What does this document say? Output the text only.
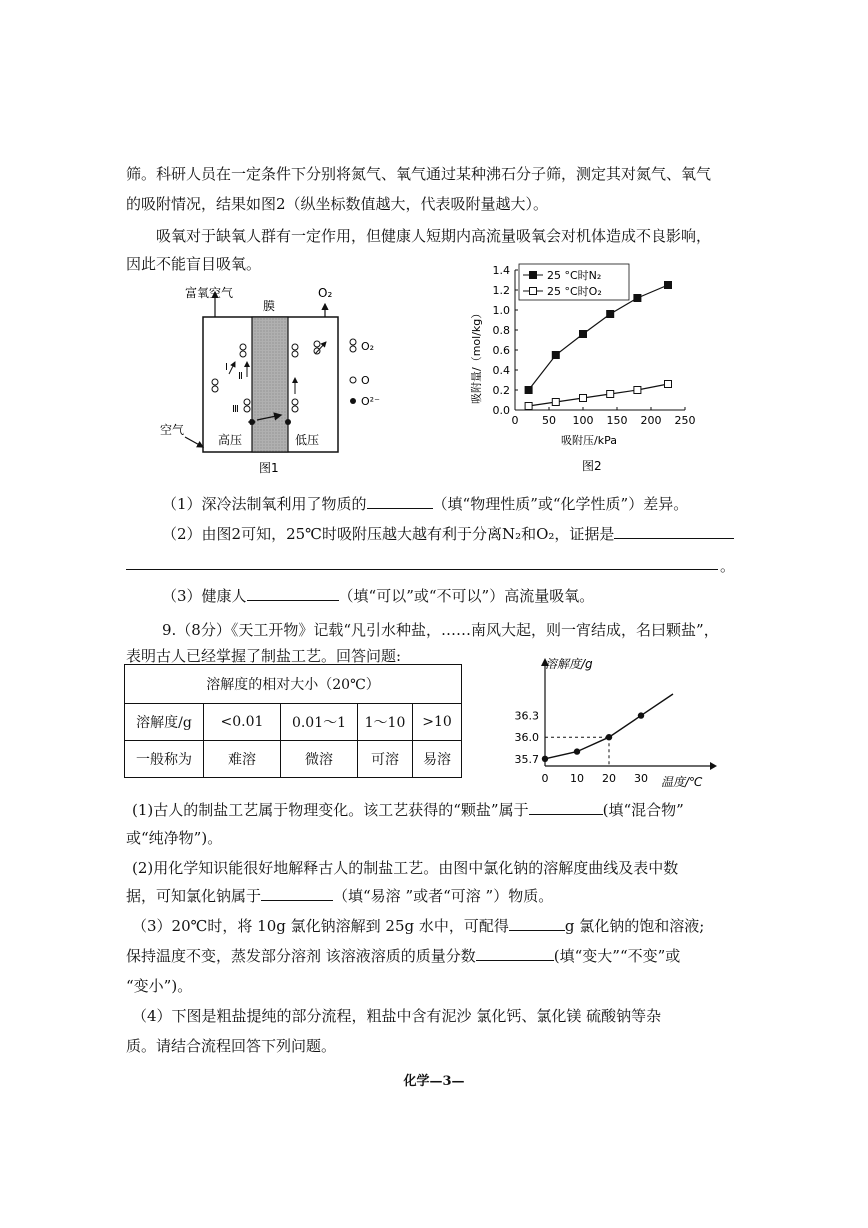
筛。科研人员在一定条件下分别将氮气、氧气通过某种沸石分子筛，测定其对氮气、氧气
的吸附情况，结果如图2（纵坐标数值越大，代表吸附量越大）。
吸氧对于缺氧人群有一定作用，但健康人短期内高流量吸氧会对机体造成不良影响，
因此不能盲目吸氧。
富氧空气
膜
O₂
空气
高压	低压
Ⅰ
Ⅱ
Ⅲ
O₂
O
O²⁻
图1
0 50 100 150 200 250
0.0
0.2
0.4
0.6
0.8
1.0
1.2
1.4	25 °C时N₂
25 °C时O₂
吸附量/（mol/kg）
吸附压/kPa
图2
（1）深冷法制氧利用了物质的	（填“物理性质”或“化学性质”）差异。
（2）由图2可知，25℃时吸附压越大越有利于分离N₂和O₂，证据是
。
（3）健康人	（填“可以”或“不可以”）高流量吸氧。
9.（8分）《天工开物》记载“凡引水种盐，……南风大起，则一宵结成，名曰颗盐”，
表明古人已经掌握了制盐工艺。回答问题:
溶解度的相对大小（20℃）				
溶解度/g	<0.01	0.01～1	1～10	>10
一般称为	难溶	微溶	可溶	易溶
0 10 20 30
35.7
36.0
36.3
溶解度/g
温度/℃
(1)古人的制盐工艺属于物理变化。该工艺获得的“颗盐”属于	(填“混合物”
或“纯净物”)。
(2)用化学知识能很好地解释古人的制盐工艺。由图中氯化钠的溶解度曲线及表中数
据，可知氯化钠属于	（填“易溶 ”或者“可溶 ”）物质。
（3）20℃时，将 10g 氯化钠溶解到 25g 水中，可配得	g 氯化钠的饱和溶液;
保持温度不变，蒸发部分溶剂 该溶液溶质的质量分数	(填“变大”“不变”或
“变小”)。
（4）下图是粗盐提纯的部分流程，粗盐中含有泥沙 氯化钙、氯化镁 硫酸钠等杂
质。请结合流程回答下列问题。
化学—3—
